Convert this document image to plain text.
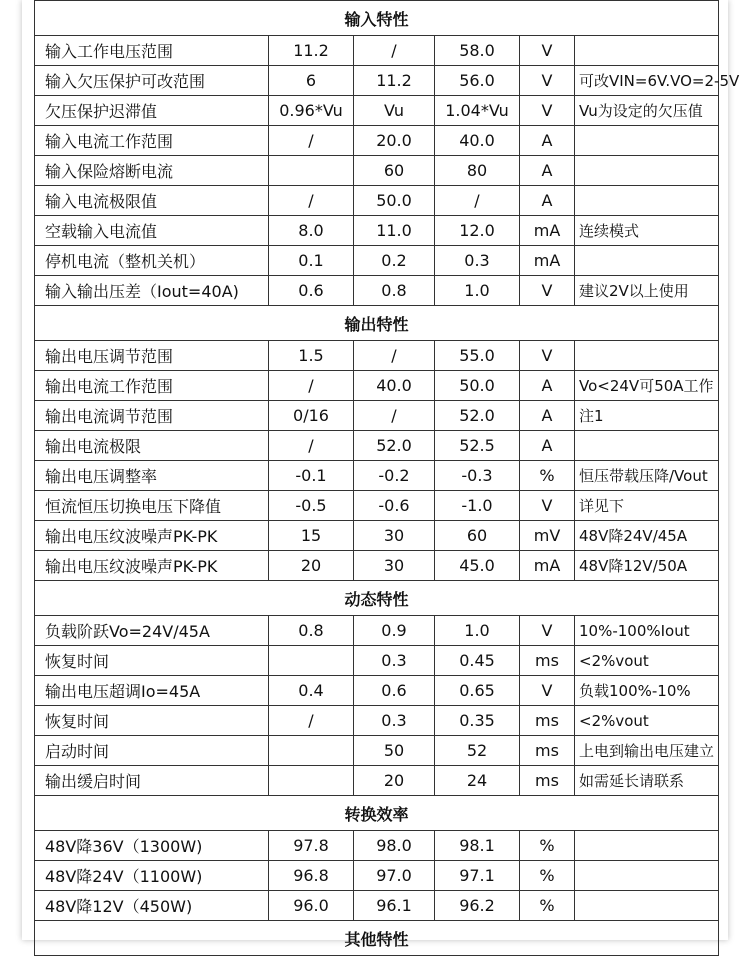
输入特性					
输入工作电压范围	11.2	/	58.0	V	
输入欠压保护可改范围	6	11.2	56.0	V	可改VIN=6V.VO=2-5V
欠压保护迟滞值	0.96*Vu	Vu	1.04*Vu	V	Vu为设定的欠压值
输入电流工作范围	/	20.0	40.0	A	
输入保险熔断电流		60	80	A	
输入电流极限值	/	50.0	/	A	
空载输入电流值	8.0	11.0	12.0	mA	连续模式
停机电流（整机关机）	0.1	0.2	0.3	mA	
输入输出压差（Iout=40A)	0.6	0.8	1.0	V	建议2V以上使用
输出特性					
输出电压调节范围	1.5	/	55.0	V	
输出电流工作范围	/	40.0	50.0	A	Vo<24V可50A工作
输出电流调节范围	0/16	/	52.0	A	注1
输出电流极限	/	52.0	52.5	A	
输出电压调整率	-0.1	-0.2	-0.3	%	恒压带载压降/Vout
恒流恒压切换电压下降值	-0.5	-0.6	-1.0	V	详见下
输出电压纹波噪声PK-PK	15	30	60	mV	48V降24V/45A
输出电压纹波噪声PK-PK	20	30	45.0	mA	48V降12V/50A
动态特性					
负载阶跃Vo=24V/45A	0.8	0.9	1.0	V	10%-100%Iout
恢复时间		0.3	0.45	ms	<2%vout
输出电压超调Io=45A	0.4	0.6	0.65	V	负载100%-10%
恢复时间	/	0.3	0.35	ms	<2%vout
启动时间		50	52	ms	上电到输出电压建立
输出缓启时间		20	24	ms	如需延长请联系
转换效率					
48V降36V（1300W)	97.8	98.0	98.1	%	
48V降24V（1100W)	96.8	97.0	97.1	%	
48V降12V（450W)	96.0	96.1	96.2	%	
其他特性					
